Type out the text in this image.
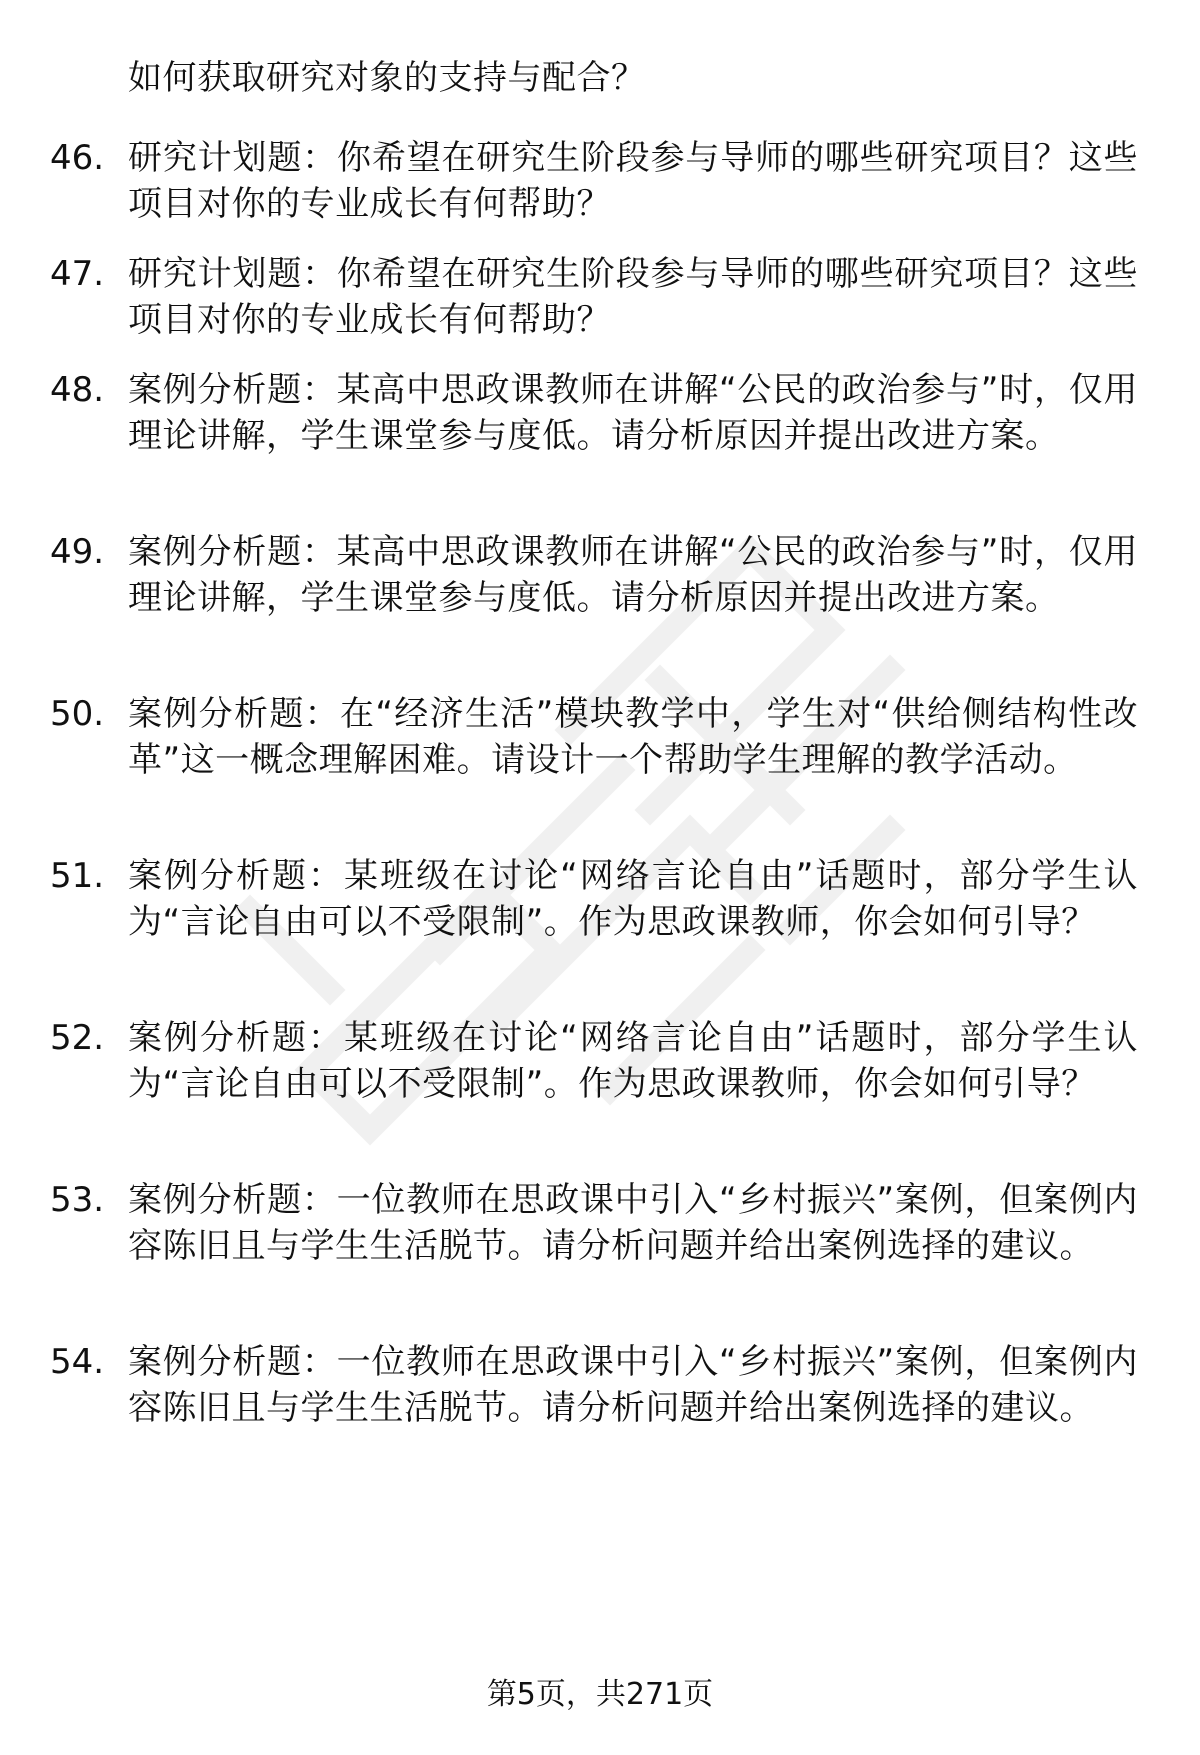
如何获取研究对象的支持与配合？
46. 研究计划题：你希望在研究生阶段参与导师的哪些研究项目？这些项目对你的专业成长有何帮助？
47. 研究计划题：你希望在研究生阶段参与导师的哪些研究项目？这些项目对你的专业成长有何帮助？
48. 案例分析题：某高中思政课教师在讲解“公民的政治参与”时，仅用理论讲解，学生课堂参与度低。请分析原因并提出改进方案。
49. 案例分析题：某高中思政课教师在讲解“公民的政治参与”时，仅用理论讲解，学生课堂参与度低。请分析原因并提出改进方案。
50. 案例分析题：在“经济生活”模块教学中，学生对“供给侧结构性改革”这一概念理解困难。请设计一个帮助学生理解的教学活动。
51. 案例分析题：某班级在讨论“网络言论自由”话题时，部分学生认为“言论自由可以不受限制”。作为思政课教师，你会如何引导？
52. 案例分析题：某班级在讨论“网络言论自由”话题时，部分学生认为“言论自由可以不受限制”。作为思政课教师，你会如何引导？
53. 案例分析题：一位教师在思政课中引入“乡村振兴”案例，但案例内容陈旧且与学生生活脱节。请分析问题并给出案例选择的建议。
54. 案例分析题：一位教师在思政课中引入“乡村振兴”案例，但案例内容陈旧且与学生生活脱节。请分析问题并给出案例选择的建议。
第5页，共271页
